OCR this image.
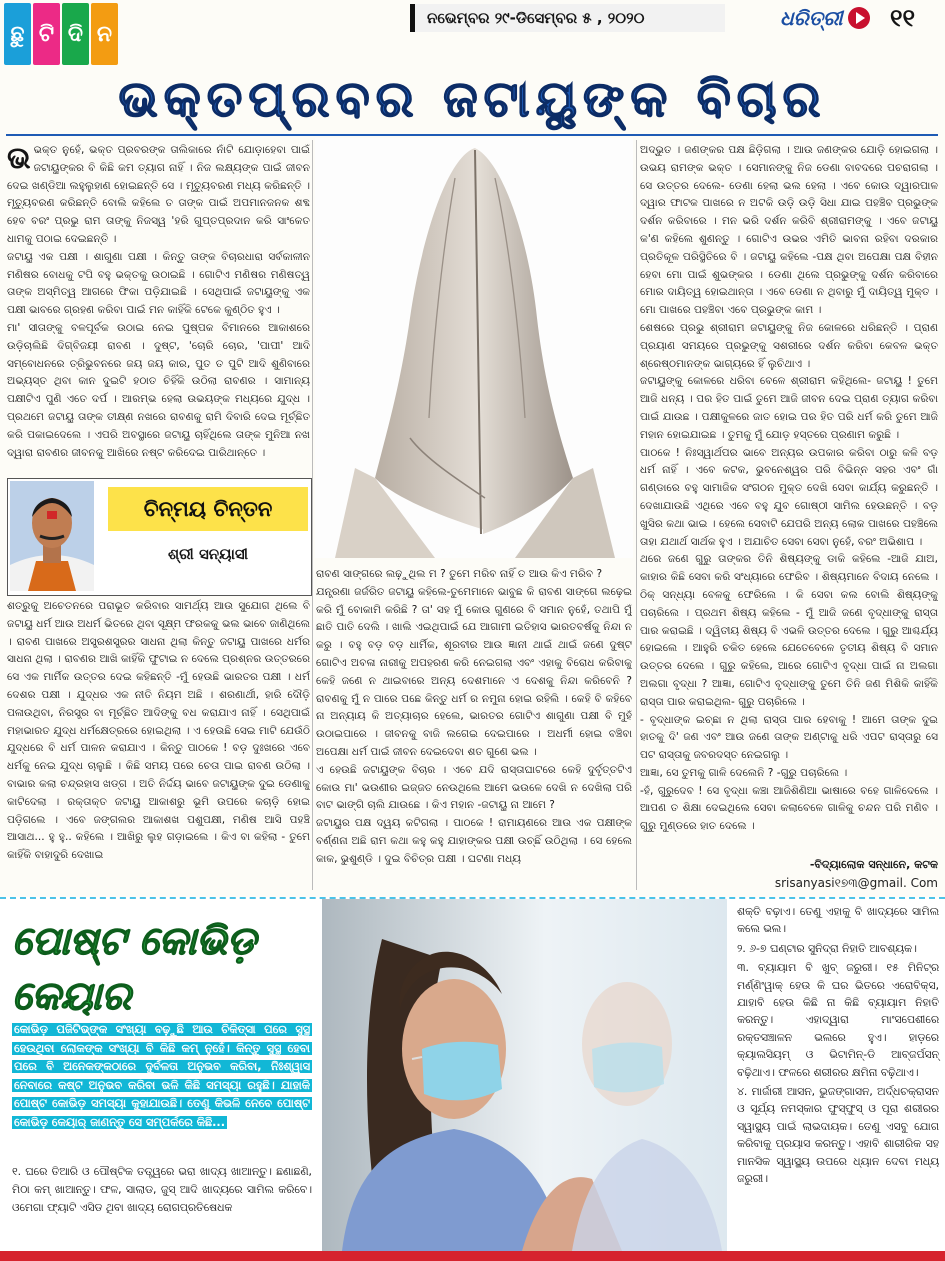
ଛୁ ଟି ଦି ନ
ନଭେମ୍ବର ୨୯-ଡିସେମ୍ବର ୫ , ୨୦୨୦	ଧରିତ୍ରୀ ୧୧
ଭକ୍ତପ୍ରବର ଜଟାୟୁଙ୍କ ବିଚାର

ଭଭକ୍ତ ନୁହେଁ, ଭକ୍ତ ପ୍ରବରଙ୍କ ତାଲିକାରେ ନାଁଟି ଯୋଡ଼ାହେବା ପାଇଁ ଜଟାୟୁଙ୍କର ବି କିଛି କମ ତ୍ୟାଗ ନାହିଁ । ନିଜ ଲକ୍ଷ୍ୟଙ୍କ ପାଇଁ ଜୀବନ ଦେଇ ଖଣ୍ଡିଆ ଲହୁଲୁହାଣ ହୋଇଛନ୍ତି ସେ । ମୃତ୍ୟୁବରଣ ମଧ୍ୟ କରିଛନ୍ତି । ମୃତ୍ୟୁବରଣ କରିଛନ୍ତି ବୋଲି କହିଲେ ତ ତାଙ୍କ ପାଇଁ ଅପମାନଜନକ ଶବ୍ଦ ହେବ ବରଂ ପ୍ରଭୁ ରାମ ତାଙ୍କୁ ନିଜସ୍ୱ 'ହରି ଗୁପ୍ତପ୍ରଦାନ କରି ସାଂକେତ ଧାମକୁ ପଠାଇ ଦେଇଛନ୍ତି ।

ଜଟାୟୁ ଏକ ପକ୍ଷୀ । ଶାଗୁଣା ପକ୍ଷୀ । କିନ୍ତୁ ତାଙ୍କ ବିଚାରଧାରା ସର୍ବକାଳୀନ ମଣିଷର ବୋଧକୁ ଟପି ବହୁ ଭକ୍ତକୁ ଉଠାଇଛି । ଗୋଟିଏ ମଣିଷର ମଣିଷତ୍ୱ ତାଙ୍କ ଅସ୍ମିତ୍ୱ ଆଗରେ ଫିକା ପଡ଼ିଯାଇଛି । ସେଥିପାଇଁ ଜଟାୟୁଙ୍କୁ ଏକ ପକ୍ଷୀ ଭାବରେ ଗ୍ରହଣ କରିବା ପାଇଁ ମନ କାହିଁକି ଟେକେ କୁଣ୍ଠିତ ହୁଏ ।

ମା' ସୀତାଙ୍କୁ ବଳପୂର୍ବକ ଉଠାଇ ନେଇ ପୁଷ୍ପକ ବିମାନରେ ଆକାଶରେ ଉଡ଼ିଚାଲିଛି ଦିଗ୍ବିଜୟୀ ରାବଣ । ଦୁଷ୍ଟ, 'ଚୋରି ଚୋର, 'ପାପୀ' ଆଦି ସମ୍ବୋଧନରେ ତ୍ରିଭୁବନରେ ଜୟ ଜୟ କାର, ପୁତ ତ ପୁଟି ଆଦି ଶୁଣିବାରେ ଅଭ୍ୟସ୍ତ ଥିବା କାନ ଦୁଇଟି ହଠାତ ଚିହିଁକି ଉଠିଲା ରାବଣର । ସାମାନ୍ୟ ପକ୍ଷୀଟିଏ ପୁଣି ଏତେ ଦର୍ପ । ଆରମ୍ଭ ହେଲା ଉଭୟଙ୍କ ମଧ୍ୟରେ ଯୁଦ୍ଧ । ପ୍ରଥମେ ଜଟାୟୁ ତାଙ୍କ ତୀକ୍ଷ୍ଣ ନଖରେ ରାବଣକୁ ରାମି ଦିବାରି ଦେଇ ମୂର୍ଚ୍ଛିତ କରି ପକାଇଦେଲେ । ଏପରି ଅବସ୍ଥାରେ ଜଟାୟୁ ଚାହିଁଥିଲେ ତାଙ୍କ ମୁନିଆ ନଖ ଦ୍ୱାରା ରାବଣର ଜୀବନକୁ ଆଖିରେ ନଷ୍ଟ କରିଦେଇ ପାରିଥାନ୍ତେ ।

ଚିନ୍ମୟ ଚିନ୍ତନ
ଶ୍ରୀ ସନ୍ୟାସୀ

ଶତ୍ରୁକୁ ଅଚେତନରେ ପରାଭୂତ କରିବାର ସାମର୍ଥ୍ୟ ଆଉ ସୁଯୋଗ ଥିଲେ ବି ଜଟାୟୁ ଧର୍ମ ଆଉ ଅଧର୍ମ ଭିତରେ ଥିବା ସୂକ୍ଷ୍ମ ଫରକକୁ ଭଲ ଭାବେ ଜାଣିଥିଲେ । ରାବଣ ପାଖରେ ଅସ୍ତ୍ରଶସ୍ତ୍ରର ସାଧନା ଥିଲା କିନ୍ତୁ ଜଟାୟୁ ପାଖରେ ଧର୍ମର ସାଧନା ଥିଲା । ରାବଣର ଆଖି କାହିଁକି ଫୁଟାଇ ନ ଦେଲେ ପ୍ରଶ୍ନର ଉତ୍ତରରେ ସେ ଏକ ମାର୍ମିକ ଉତ୍ତର ଦେଇ କହିଛନ୍ତି -ମୁଁ ହେଉଛି ଭାରତର ପକ୍ଷୀ । ଧର୍ମ ଦେଶର ପକ୍ଷୀ । ଯୁଦ୍ଧର ଏକ ନୀତି ନିୟମ ଅଛି । ଶରଣାର୍ଥୀ, ହାରି ଦୌଡ଼ି ପଳାଉଥିବା, ନିରସ୍ତ୍ର ବା ମୂର୍ଚ୍ଛିତ ଆଦିଙ୍କୁ ବଧ କରାଯାଏ ନାହିଁ । ସେଥିପାଇଁ ମହାଭାରତ ଯୁଦ୍ଧ ଧର୍ମକ୍ଷେତ୍ରରେ ହୋଇଥିଲା । ଏ ହେଉଛି ସେଇ ମାଟି ଯେଉଁଠି ଯୁଦ୍ଧରେ ବି ଧର୍ମ ପାଳନ କରାଯାଏ । କିନ୍ତୁ ପାଠକେ ! ବଡ଼ ଦୁଃଖରେ ଏବେ ଧର୍ମକୁ ନେଇ ଯୁଦ୍ଧ ଚାଲୁଛି । କିଛି ସମୟ ପରେ ଚେତା ପାଇ ରାବଣ ଉଠିଲା । ବାଭାର କଲା ଚନ୍ଦ୍ରହାସ ଖଡ୍ଗ । ଅତି ନିର୍ଦ୍ଦୟ ଭାବେ ଜଟାୟୁଙ୍କ ଦୁଇ ଡେଣାକୁ କାଟିଦେଲା । ରକ୍ତାକ୍ତ ଜଟାୟୁ ଆକାଶରୁ ଭୂମି ଉପରେ କଚାଡ଼ି ହୋଇ ପଡ଼ିଗଲେ । ଏବେ ଜଙ୍ଗଲର ଆକାଶଖ ପଶୁପକ୍ଷୀ, ମଣିଷ ଆସି ପହଞ୍ଚି ଆସାଥ... ହୁ ହୁ.. କହିଲେ । ଆଖିରୁ ଲୁହ ଗଡ଼ାଇଲେ । କିଏ ବା କହିଲା - ତୁମେ କାହିଁକି ବାହାଦୁରି ଦେଖାଇ

ରାବଣ ସାଙ୍ଗରେ ଲଢ଼ୁଥିଲ ମ ? ତୁମେ ମରିବ ନାହିଁ ତ ଆଉ କିଏ ମରିବ ?

ଯନ୍ତ୍ରଣା ଜର୍ଜରିତ ଜଟାୟୁ କହିଲେ-ତୁମେମାନେ ଭାବୁଛ କି ରାବଣ ସାଙ୍ଗେ ଲଢ଼େଇ କରି ମୁଁ ବୋକାମି କରିଛି ? ତା' ସହ ମୁଁ କୋଉ ଗୁଣରେ ବି ସମାନ ନୁହେଁ, ତଥାପି ମୁଁ ଛାତି ପାତି ଦେଲି । ଖାଲି ଏଇଥିପାଇଁ ଯେ ଆଗାମୀ ଇତିହାସ ଭାରତବର୍ଷକୁ ନିନ୍ଦା ନ କରୁ । ବହୁ ବଡ଼ ବଡ଼ ଧାର୍ମିକ, ଶୂରବୀର ଆଉ ଜ୍ଞାନୀ ଥାଇଁ ଥାଇଁ ଜଣେ ଦୁଷ୍ଟ ଗୋଟିଏ ଅବଳା ନାରୀକୁ ଅପହରଣ କରି ନେଇଗଲା ଏବଂ ଏହାକୁ ବିରୋଧ କରିବାକୁ କେହି ଜଣେ ନ ଥାଇବାରେ ଅନ୍ୟ ଦେଶମାନେ ଏ ଦେଶକୁ ନିନ୍ଦା କରିବେନି ? ରାବଣକୁ ମୁଁ ନ ପାରେ ପଛେ କିନ୍ତୁ ଧର୍ମ ର ନମୁନା ହୋଇ ରହିଲି । କେହି ବି କହିବେ ନା ଅନ୍ୟାୟ କି ଅତ୍ୟାଚାର ହେଲେ, ଭାରତର ଗୋଟିଏ ଶାଗୁଣା ପକ୍ଷୀ ବି ମୁହଁ ଉଠାଇପାରେ । ଜୀବନକୁ ବାଜି ଲଗେଇ ଦେଇପାରେ । ଅଧର୍ମୀ ହୋଇ ବଞ୍ଚିବା ଅପେକ୍ଷା ଧର୍ମ ପାଇଁ ଜୀବନ ଦେଇଦେବା ଶତ ଗୁଣେ ଭଲ ।

ଏ ହେଉଛି ଜଟାୟୁଙ୍କ ବିଚାର । ଏବେ ଯଦି ରାସ୍ତାଘାଟରେ କେହି ଦୁର୍ବୃତ୍ତଟିଏ କୋଉ ମା' ଭଉଣୀର ଇଜ୍ଜତ ନେଉଥିଲେ ଆମେ ଭଉଳେ ଦେଖି ନ ଦେଖିଲା ପରି ବାଟ ଭାଙ୍ଗି ଚାଲି ଯାଉଛେ । କିଏ ମହାନ -ଜଟାୟୁ ନା ଆମେ ?

ଜଟାୟୁର ପକ୍ଷ ଦ୍ୱୟ କଟିଗଲା । ପାଠକେ ! ରାମାୟଣରେ ଆଉ ଏକ ପକ୍ଷୀଙ୍କ ବର୍ଣ୍ଣନା ଅଛି ରାମ କଥା କହୁ କହୁ ଯାହାଙ୍କର ପକ୍ଷୀ ଉଚ୍ଛିଁ ଉଠିଥିଲା । ସେ ହେଲେ କାକ, ଭୁଶୁଣ୍ଡି । ଦୁଇ ବିଚିତ୍ର ପକ୍ଷୀ । ଘଟଣା ମଧ୍ୟ

ଅଦ୍ଭୁତ । ଜଣଙ୍କର ପକ୍ଷ ଛିଡ଼ିଗଲା । ଆଉ ଜଣଙ୍କର ଯୋଡ଼ି ହୋଇଗଲା । ଉଭୟ ରାମଙ୍କ ଭକ୍ତ । ସେମାନଙ୍କୁ ନିଜ ଡେଣା ବାବଦରେ ପଚରାଗଲା । ସେ ଉତ୍ତର ଦେଲେ- ଡେଣା ହେଲା ଭଲ ହେଲା । ଏବେ କୋଉ ଦ୍ୱାରପାଳ ଦ୍ୱାର ଫାଟକ ପାଖରେ ନ ଅଟକି ଉଡ଼ି ଉଡ଼ି ସିଧା ଯାଇ ପହଞ୍ଚିବ ପ୍ରଭୁଙ୍କ ଦର୍ଶନ କରିବାରେ । ମନ ଭରି ଦର୍ଶନ କରିବି ଶ୍ରୀରାମଙ୍କୁ । ଏବେ ଜଟାୟୁ କ'ଣ କହିଲେ ଶୁଣନ୍ତୁ । ଗୋଟିଏ ଉଭର ଏମିତି ଭାବନା ରହିବା ଦରକାର ପ୍ରତିକୂଳ ପରିସ୍ଥିତିରେ ବି । ଜଟାୟୁ କହିଲେ -ପକ୍ଷ ଥିବା ଅପେକ୍ଷା ପକ୍ଷ ବିହୀନ ହେବା ମୋ ପାଇଁ ଶୁଭଙ୍କର । ଡେଣା ଥିଲେ ପ୍ରଭୁଙ୍କୁ ଦର୍ଶନ କରିବାରେ ମୋର ଦାୟିତ୍ୱ ହୋଇଥାନ୍ତା । ଏବେ ଡେଣା ନ ଥିବାରୁ ମୁଁ ଦାୟିତ୍ୱ ମୁକ୍ତ । ମୋ ପାଖରେ ପହଞ୍ଚିବା ଏବେ ପ୍ରଭୁଙ୍କ କାମ ।

ଶେଷରେ ପ୍ରଭୁ ଶ୍ରୀରାମ ଜଟାୟୁଙ୍କୁ ନିଜ କୋଳରେ ଧରିଛନ୍ତି । ପ୍ରାଣ ପ୍ରୟାଣ ସମୟରେ ପ୍ରଭୁଙ୍କୁ ସଶରୀରେ ଦର୍ଶନ କରିବା କେବଳ ଭକ୍ତ ଶ୍ରେଷ୍ଠମାନଙ୍କ ଭାଗ୍ୟରେ ହିଁ ଲୁଚିଥାଏ ।

ଜଟାୟୁଙ୍କୁ କୋଳରେ ଧରିବା ବେଳେ ଶ୍ରୀରାମ କହିଥିଲେ- ଜଟାୟୁ ! ତୁମେ ଆଜି ଧନ୍ୟ । ପର ହିତ ପାଇଁ ତୁମେ ଆଜି ଜୀବନ ଦେଇ ପ୍ରାଣ ତ୍ୟାଗ କରିବା ପାଇଁ ଯାଉଛ । ପକ୍ଷୀକୁଳରେ ଜାତ ହୋଇ ପର ହିତ ପରି ଧର୍ମ କରି ତୁମେ ଆଜି ମହାନ ହୋଇଯାଇଛ । ତୁମକୁ ମୁଁ ଯୋଡ଼ ହସ୍ତରେ ପ୍ରଣାମ କରୁଛି ।

ପାଠକେ ! ନିଃସ୍ୱାର୍ଥପର ଭାବେ ଅନ୍ୟର ଉପକାର କରିବା ଠାରୁ କଳି ବଡ଼ ଧର୍ମ ନାହିଁ । ଏବେ କଟକ, ଭୁବନେଶ୍ୱର ପରି ବିଭିନ୍ନ ସହର ଏବଂ ଗାଁ ଗଣ୍ଡାରେ ବହୁ ସାମାଜିକ ସଂଗଠନ ମୁକ୍ତ ଦେଖି ସେବା କାର୍ଯ୍ୟ କରୁଛନ୍ତି । ଦେଖାଯାଉଛି ଏଥିରେ ଏବେ ବହୁ ଯୁବ ଗୋଷ୍ଠୀ ସାମିଲ ହେଉଛନ୍ତି । ବଡ଼ ଖୁସିର କଥା ଭାଇ । ହେଲେ ସେବାଟି ଯେପରି ଅନ୍ୟ ଲୋକ ପାଖରେ ପହଞ୍ଚିଲେ ତାହା ଯଥାର୍ଥ ସାର୍ଥକ ହୁଏ । ଅଯାଚିତ ସେବା ସେବା ନୁହେଁ, ବରଂ ଅଭିଶାପ ।

ଥରେ ଜଣେ ଗୁରୁ ତାଙ୍କର ତିନି ଶିଷ୍ୟଙ୍କୁ ଡାକି କହିଲେ -ଆଜି ଯାଅ, କାହାର କିଛି ସେବା କରି ସଂଧ୍ୟାରେ ଫେରିବ । ଶିଷ୍ୟମାନେ ବିଦାୟ ନେଲେ । ଠିକ୍ ସନ୍ଧ୍ୟା ବେଳକୁ ଫେରିଲେ । କି ସେବା କଲ ବୋଲି ଶିଷ୍ୟଙ୍କୁ ପଚାରିଲେ । ପ୍ରଥମ ଶିଷ୍ୟ କହିଲେ - ମୁଁ ଆଜି ଜଣେ ବୃଦ୍ଧାଙ୍କୁ ରାସ୍ତା ପାର କରାଇଛି । ଦ୍ୱିତୀୟ ଶିଷ୍ୟ ବି ଏଭଳି ଉତ୍ତର ଦେଲେ । ଗୁରୁ ଆଶ୍ଚର୍ଯ୍ୟ ହୋଇଲେ । ଆହୁରି ଚକିତ ହେଲେ ଯେତେବେଳେ ତୃତୀୟ ଶିଷ୍ୟ ବି ସମାନ ଉତ୍ତର ଦେଲେ । ଗୁରୁ କହିଲେ, ଆରେ ଗୋଟିଏ ବୃଦ୍ଧା ପାଇଁ ନା ଅଲଗା ଅଲଗା ବୃଦ୍ଧା ? ଆଜ୍ଞା, ଗୋଟିଏ ବୃଦ୍ଧାଙ୍କୁ ତୁମେ ତିନି ଜଣ ମିଶିକି କାହିଁକି ରାସ୍ତା ପାର କରାଇଥିଲ- ଗୁରୁ ପଚାରିଲେ ।

- ବୃଦ୍ଧାଙ୍କ ଇଚ୍ଛା ନ ଥିଲା ରାସ୍ତା ପାର ହେବାକୁ ! ଆମେ ତାଙ୍କ ଦୁଇ ହାତକୁ ଦି' ଜଣ ଏବଂ ଆଉ ଜଣେ ତାଙ୍କ ଅଣ୍ଟାକୁ ଧରି ଏପଟ ରାସ୍ତାରୁ ସେ ପଟ ରାସ୍ତାକୁ ଜବରଦସ୍ତ ନେଇଗଲୁ ।

ଆଜ୍ଞା, ସେ ତୁମକୁ ଗାଳି ଦେଲେନି ? -ଗୁରୁ ପଚାରିଲେ ।

-ହଁ, ଗୁରୁଦେବ ! ସେ ବୃଦ୍ଧା କଞ୍ଚା ଆଜିଶିଣିଆ ଭାଷାରେ ବହେ ଗାଳିଦେଲେ । ଆପଣ ତ ଶିକ୍ଷା ଦେଇଥିଲେ ସେବା କଲାବେଳେ ଗାଳିକୁ ଚନ୍ଦନ ପରି ମଣିବ । ଗୁରୁ ମୁଣ୍ଡରେ ହାତ ଦେଲେ ।

-ବିଦ୍ୟାଲୋକ ସନ୍ଧାନେ, କଟକ
srisanyasi୧୭୩@gmail. Com
ପୋଷ୍ଟ କୋଭିଡ଼ କେୟାର
କୋଭିଡ଼ ପଜିଟିଭ୍‌ଙ୍କ ସଂଖ୍ୟା ବଢ଼ୁଛି ଆଉ ଚିକିତ୍ସା ପରେ ସୁସ୍ଥ ହେଉଥିବା ଲୋକଙ୍କ ସଂଖ୍ୟା ବି କିଛି କମ୍ ନୁହେଁ। କିନ୍ତୁ ସୁସ୍ଥ ହେବା ପରେ ବି ଅନେକଙ୍କଠାରେ ଦୁର୍ବଳତା ଅନୁଭବ କରିବା, ନିଃଶ୍ୱାସ ନେବାରେ କଷ୍ଟ ଅନୁଭବ କରିବା ଭଳି କିଛି ସମସ୍ୟା ରହୁଛି। ଯାହାକି ପୋଷ୍ଟ କୋଭିଡ଼ ସମସ୍ୟା କୁହାଯାଉଛି। ତେଣୁ କିଭଳି ନେବେ ପୋଷ୍ଟ କୋଭିଡ଼ କେୟାର୍ ଜାଣନ୍ତୁ ସେ ସମ୍ପର୍କରେ କିଛି...
୧. ଘରେ ତିଆରି ଓ ପୌଷ୍ଟିକ ତତ୍ତ୍ୱରେ ଭରା ଖାଦ୍ୟ ଖାଆନ୍ତୁ। ଛଣାଛଣି, ମିଠା କମ୍ ଖାଆନ୍ତୁ। ଫଳ, ସାଲାଡ, ଜୁସ୍ ଆଦି ଖାଦ୍ୟରେ ସାମିଲ କରିବେ। ଓମେଗା ଫ୍ୟାଟି ଏସିଡ ଥିବା ଖାଦ୍ୟ ରୋଗପ୍ରତିଷେଧକ

ଶକ୍ତି ବଢ଼ାଏ। ତେଣୁ ଏହାକୁ ବି ଖାଦ୍ୟରେ ସାମିଲ କଲେ ଭଲ।

୨. ୬-୭ ଘଣ୍ଟାର ସୁନିଦ୍ରା ନିହାତି ଆବଶ୍ୟକ।

୩. ବ୍ୟାୟାମ ବି ଖୁବ୍ ଜରୁରୀ। ୧୫ ମିନିଟ୍ର ମର୍ଣ୍ଣିଂୱାକ୍ ହେଉ କି ଘର ଭିତରେ ଏରୋବିକ୍ସ, ଯାହାବି ହେଉ କିଛି ନା କିଛି ବ୍ୟାୟାମ ନିହାତି କରନ୍ତୁ। ଏହାଦ୍ୱାରା ମାଂସପେଶୀରେ ରକ୍ତସଞ୍ଚାଳନ ଭଲରେ ହୁଏ। ହାଡ଼ରେ କ୍ୟାଲସିୟମ୍ ଓ ଭିଟାମିନ୍-ଡି ଆବ୍ଜର୍ପସନ୍ ବଢ଼ିଥାଏ। ଫଳରେ ଶରୀରର କ୍ଷମିନା ବଢ଼ିଥାଏ।

୪. ମାର୍ଜାରୀ ଆସନ, ଭୁଜଙ୍ଗାସନ, ଅର୍ଦ୍ଧଚକ୍ରାସନ ଓ ସୂର୍ଯ୍ୟ ନମସ୍କାର ଫୁସ୍‌ଫୁସ୍ ଓ ପୂରା ଶରୀରର ସ୍ୱାସ୍ଥ୍ୟ ପାଇଁ ଲାଭଦାୟକ। ତେଣୁ ଏସବୁ ଯୋଗ କରିବାକୁ ପ୍ରୟାସ କରନ୍ତୁ। ଏହାବି ଶାରୀରିକ ସହ ମାନସିକ ସ୍ୱାସ୍ଥ୍ୟ ଉପରେ ଧ୍ୟାନ ଦେବା ମଧ୍ୟ ଜରୁରୀ।
